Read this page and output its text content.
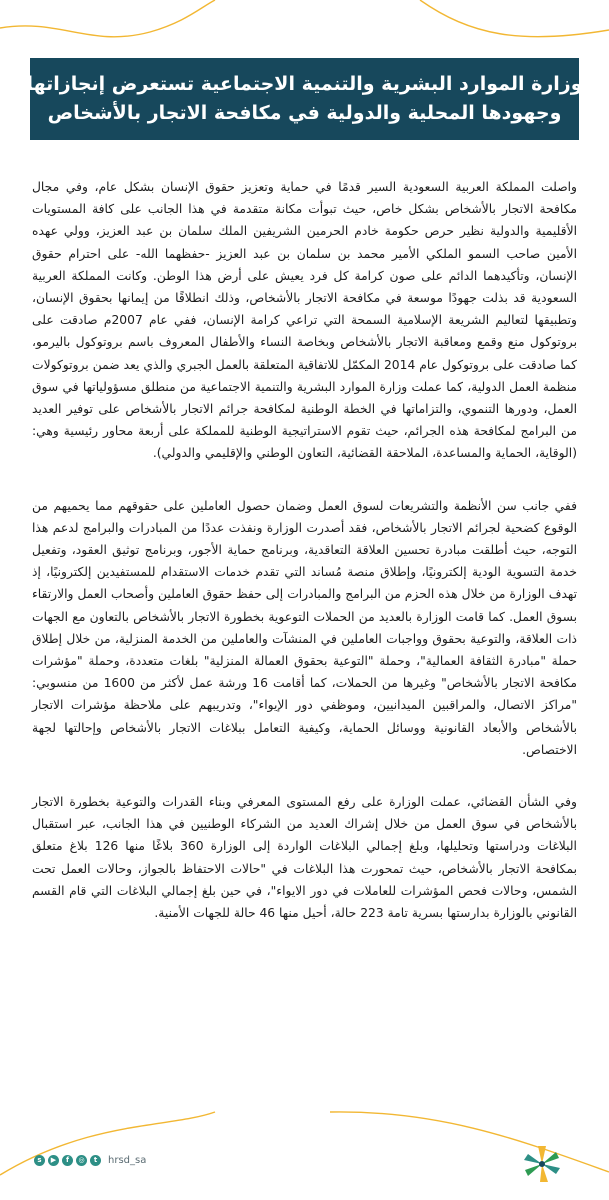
وزارة الموارد البشرية والتنمية الاجتماعية تستعرض إنجازاتها
وجهودها المحلية والدولية في مكافحة الاتجار بالأشخاص

واصلت المملكة العربية السعودية السير قدمًا في حماية وتعزيز حقوق الإنسان بشكل عام، وفي مجال مكافحة الاتجار بالأشخاص بشكل خاص، حيث تبوأت مكانة متقدمة في هذا الجانب على كافة المستويات الأقليمية والدولية نظير حرص حكومة خادم الحرمين الشريفين الملك سلمان بن عبد العزيز، وولي عهده الأمين صاحب السمو الملكي الأمير محمد بن سلمان بن عبد العزيز -حفظهما الله- على احترام حقوق الإنسان، وتأكيدهما الدائم على صون كرامة كل فرد يعيش على أرض هذا الوطن. وكانت المملكة العربية السعودية قد بذلت جهودًا موسعة في مكافحة الاتجار بالأشخاص، وذلك انطلاقًا من إيمانها بحقوق الإنسان، وتطبيقها لتعاليم الشريعة الإسلامية السمحة التي تراعي كرامة الإنسان، ففي عام 2007م صادقت على بروتوكول منع وقمع ومعاقبة الاتجار بالأشخاص وبخاصة النساء والأطفال المعروف باسم بروتوكول باليرمو، كما صادقت على بروتوكول عام 2014 المكمّل للاتفاقية المتعلقة بالعمل الجبري والذي يعد ضمن بروتوكولات منظمة العمل الدولية، كما عملت وزارة الموارد البشرية والتنمية الاجتماعية من منطلق مسؤولياتها في سوق العمل، ودورها التنموي، والتزاماتها في الخطة الوطنية لمكافحة جرائم الاتجار بالأشخاص على توفير العديد من البرامج لمكافحة هذه الجرائم، حيث تقوم الاستراتيجية الوطنية للمملكة على أربعة محاور رئيسية وهي: (الوقاية، الحماية والمساعدة، الملاحقة القضائية، التعاون الوطني والإقليمي والدولي).

ففي جانب سن الأنظمة والتشريعات لسوق العمل وضمان حصول العاملين على حقوقهم مما يحميهم من الوقوع كضحية لجرائم الاتجار بالأشخاص، فقد أصدرت الوزارة ونفذت عددًا من المبادرات والبرامج لدعم هذا التوجه، حيث أطلقت مبادرة تحسين العلاقة التعاقدية، وبرنامج حماية الأجور، وبرنامج توثيق العقود، وتفعيل خدمة التسوية الودية إلكترونيًا، وإطلاق منصة مُساند التي تقدم خدمات الاستقدام للمستفيدين إلكترونيًا، إذ تهدف الوزارة من خلال هذه الحزم من البرامج والمبادرات إلى حفظ حقوق العاملين وأصحاب العمل والارتقاء بسوق العمل. كما قامت الوزارة بالعديد من الحملات التوعوية بخطورة الاتجار بالأشخاص بالتعاون مع الجهات ذات العلاقة، والتوعية بحقوق وواجبات العاملين في المنشآت والعاملين من الخدمة المنزلية، من خلال إطلاق حملة "مبادرة الثقافة العمالية"، وحملة "التوعية بحقوق العمالة المنزلية" بلغات متعددة، وحملة "مؤشرات مكافحة الاتجار بالأشخاص" وغيرها من الحملات، كما أقامت 16 ورشة عمل لأكثر من 1600 من منسوبي: "مراكز الاتصال، والمراقبين الميدانيين، وموظفي دور الإيواء"، وتدريبهم على ملاحظة مؤشرات الاتجار بالأشخاص والأبعاد القانونية ووسائل الحماية، وكيفية التعامل ببلاغات الاتجار بالأشخاص وإحالتها لجهة الاختصاص.

وفي الشأن القضائي، عملت الوزارة على رفع المستوى المعرفي وبناء القدرات والتوعية بخطورة الاتجار بالأشخاص في سوق العمل من خلال إشراك العديد من الشركاء الوطنيين في هذا الجانب، عبر استقبال البلاغات ودراستها وتحليلها، وبلغ إجمالي البلاغات الواردة إلى الوزارة 360 بلاغًا منها 126 بلاغ متعلق بمكافحة الاتجار بالأشخاص، حيث تمحورت هذا البلاغات في "حالات الاحتفاظ بالجواز، وحالات العمل تحت الشمس، وحالات فحص المؤشرات للعاملات في دور الايواء"، في حين بلغ إجمالي البلاغات التي قام القسم القانوني بالوزارة بدارستها بسرية تامة 223 حالة، أحيل منها 46 حالة للجهات الأمنية.

s	▶	f	◎	t	hrsd_sa
